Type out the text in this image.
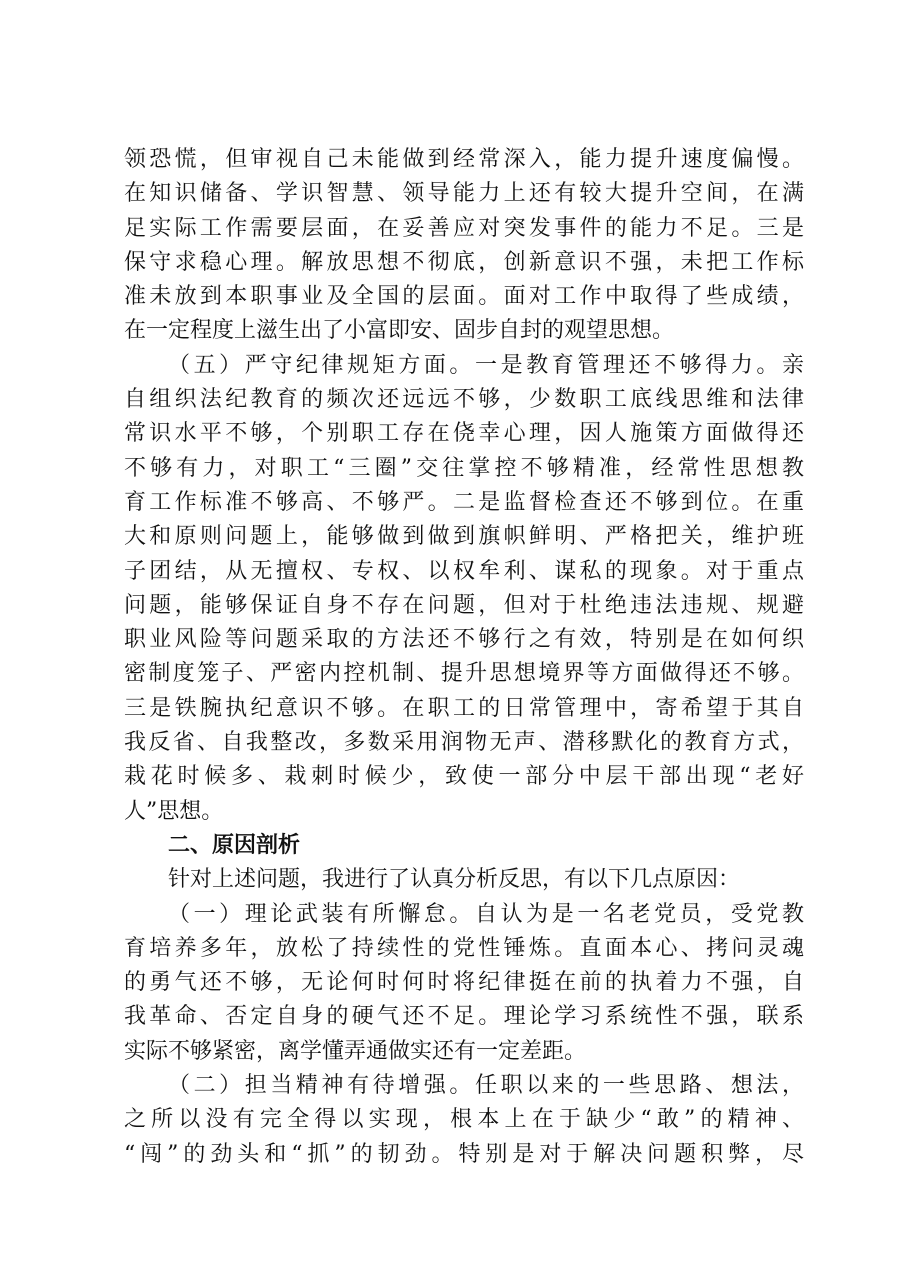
领恐慌，但审视自己未能做到经常深入，能力提升速度偏慢。
在知识储备、学识智慧、领导能力上还有较大提升空间，在满
足实际工作需要层面，在妥善应对突发事件的能力不足。三是
保守求稳心理。解放思想不彻底，创新意识不强，未把工作标
准未放到本职事业及全国的层面。面对工作中取得了些成绩，
在一定程度上滋生出了小富即安、固步自封的观望思想。
（五）严守纪律规矩方面。一是教育管理还不够得力。亲
自组织法纪教育的频次还远远不够，少数职工底线思维和法律
常识水平不够，个别职工存在侥幸心理，因人施策方面做得还
不够有力，对职工“三圈”交往掌控不够精准，经常性思想教
育工作标准不够高、不够严。二是监督检查还不够到位。在重
大和原则问题上，能够做到做到旗帜鲜明、严格把关，维护班
子团结，从无擅权、专权、以权牟利、谋私的现象。对于重点
问题，能够保证自身不存在问题，但对于杜绝违法违规、规避
职业风险等问题采取的方法还不够行之有效，特别是在如何织
密制度笼子、严密内控机制、提升思想境界等方面做得还不够。
三是铁腕执纪意识不够。在职工的日常管理中，寄希望于其自
我反省、自我整改，多数采用润物无声、潜移默化的教育方式，
栽花时候多、栽刺时候少，致使一部分中层干部出现“老好
人”思想。
二、原因剖析
针对上述问题，我进行了认真分析反思，有以下几点原因：
（一）理论武装有所懈怠。自认为是一名老党员，受党教
育培养多年，放松了持续性的党性锤炼。直面本心、拷问灵魂
的勇气还不够，无论何时何时将纪律挺在前的执着力不强，自
我革命、否定自身的硬气还不足。理论学习系统性不强，联系
实际不够紧密，离学懂弄通做实还有一定差距。
（二）担当精神有待增强。任职以来的一些思路、想法，
之所以没有完全得以实现，根本上在于缺少“敢”的精神、
“闯”的劲头和“抓”的韧劲。特别是对于解决问题积弊，尽
